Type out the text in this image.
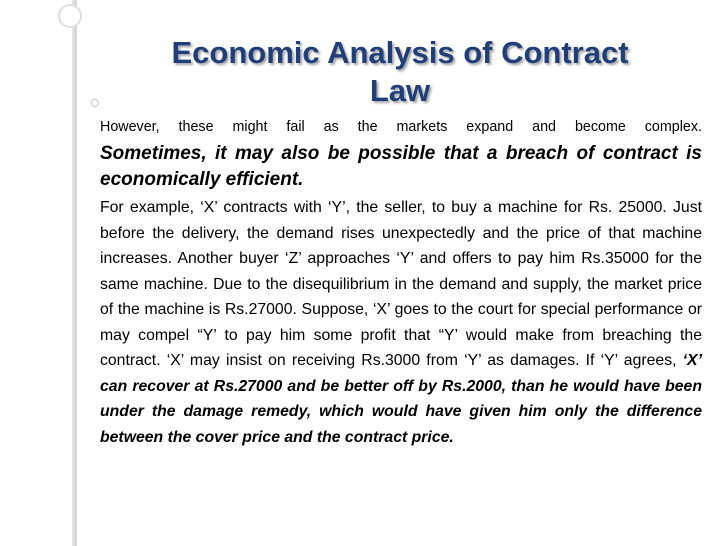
Economic Analysis of Contract
Law

However, these might fail as the markets expand and become complex.

Sometimes, it may also be possible that a breach of contract is economically efficient.

For example, ‘X’ contracts with ‘Y’, the seller, to buy a machine for Rs. 25000. Just before the delivery, the demand rises unexpectedly and the price of that machine increases. Another buyer ‘Z’ approaches ‘Y’ and offers to pay him Rs.35000 for the same machine. Due to the disequilibrium in the demand and supply, the market price of the machine is Rs.27000. Suppose, ‘X’ goes to the court for special performance or may compel “Y’ to pay him some profit that “Y’ would make from breaching the contract. ‘X’ may insist on receiving Rs.3000 from ‘Y’ as damages. If ‘Y’ agrees, ‘X’ can recover at Rs.27000 and be better off by Rs.2000, than he would have been under the damage remedy, which would have given him only the difference between the cover price and the contract price.
